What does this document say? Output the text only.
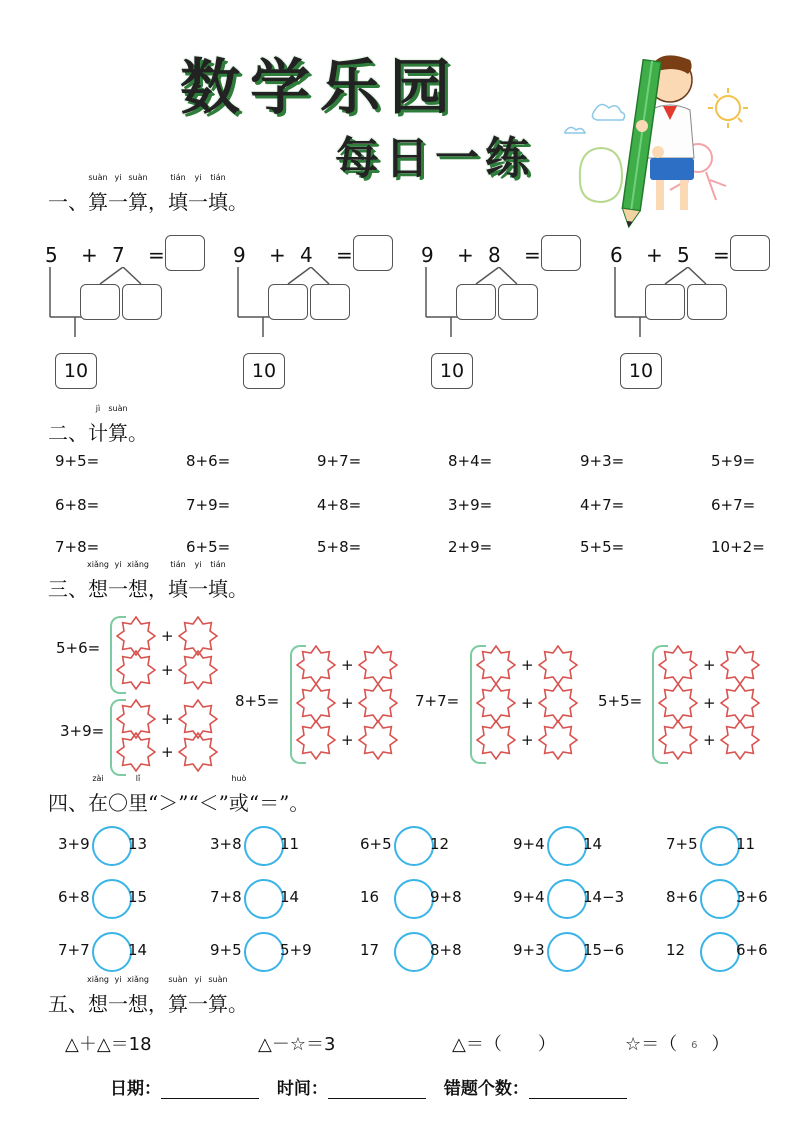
数学乐园
每日一练
一、
suàn
算
yi
一
suàn
算，
tián
填
yi
一
tián
填。
5 + 7 =
10
9 + 4 =
10
9 + 8 =
10
6 + 5 =
10
二、
jì
计
suàn
算。
9+5=	8+6=	9+7=	8+4=	9+3=	5+9=
6+8=	7+9=	4+8=	3+9=	4+7=	6+7=
7+8=	6+5=	5+8=	2+9=	5+5=	10+2=
三、
xiǎng
想
yi
一
xiǎng
想，
tián
填
yi
一
tián
填。
5+6=
+
+
3+9=
+
+
8+5=
+
+
+
7+7=
+
+
+
5+5=
+
+
+
四、
zài
在〇
lǐ
里“＞”“＜”
huò
或“＝”。
3+9	13	3+8	11	6+5	12	9+4	14	7+5	11
6+8	15	7+8	14	16	9+8	9+4	14−3	8+6	3+6
7+7	14	9+5	5+9	17	8+8	9+3	15−6	12	6+6
五、
xiǎng
想
yi
一
xiǎng
想，
suàn
算
yi
一
suàn
算。
△＋△＝18	△－☆＝3	△＝（　　）	☆＝（ 6 ）
日期：	时间：	错题个数：
